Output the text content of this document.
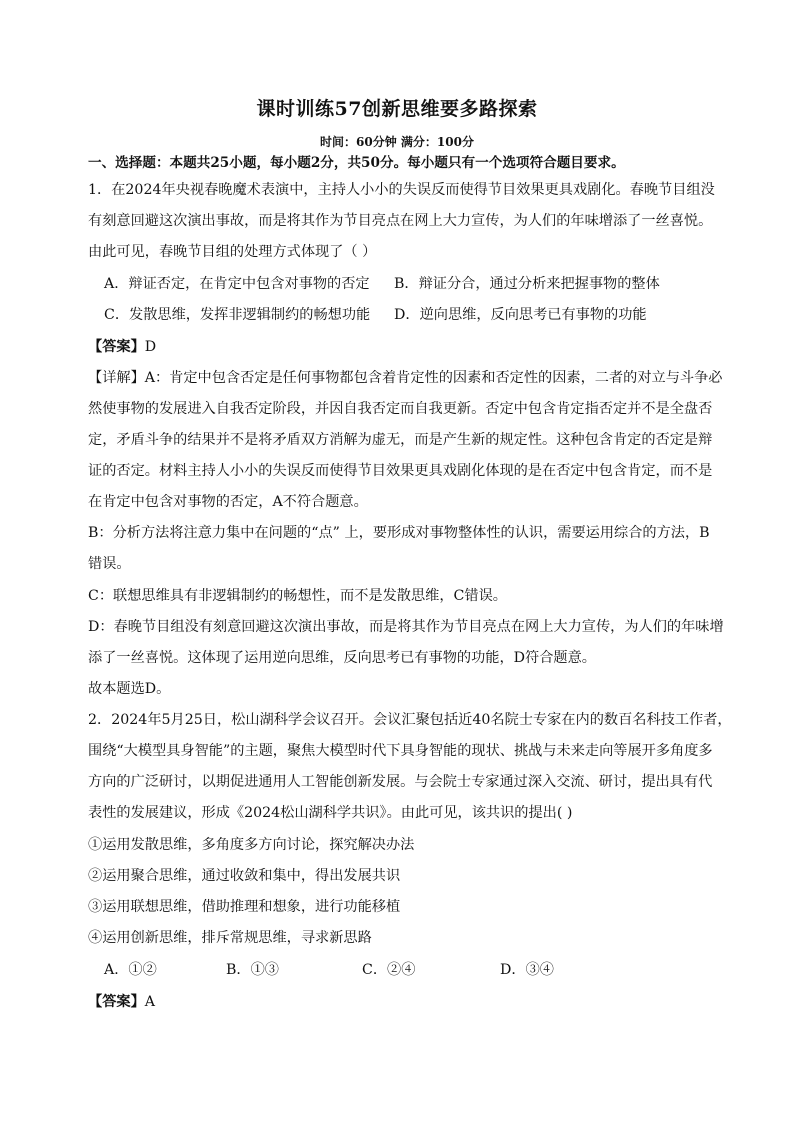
课时训练57创新思维要多路探索
时间：60分钟 满分：100分
一、选择题：本题共25小题，每小题2分，共50分。每小题只有一个选项符合题目要求。
1．在2024年央视春晚魔术表演中，主持人小小的失误反而使得节目效果更具戏剧化。春晚节目组没
有刻意回避这次演出事故，而是将其作为节目亮点在网上大力宣传，为人们的年味增添了一丝喜悦。
由此可见，春晚节目组的处理方式体现了（ ）
A．辩证否定，在肯定中包含对事物的否定 B．辩证分合，通过分析来把握事物的整体
C．发散思维，发挥非逻辑制约的畅想功能 D．逆向思维，反向思考已有事物的功能
【答案】D
【详解】A：肯定中包含否定是任何事物都包含着肯定性的因素和否定性的因素，二者的对立与斗争必
然使事物的发展进入自我否定阶段，并因自我否定而自我更新。否定中包含肯定指否定并不是全盘否
定，矛盾斗争的结果并不是将矛盾双方消解为虚无，而是产生新的规定性。这种包含肯定的否定是辩
证的否定。材料主持人小小的失误反而使得节目效果更具戏剧化体现的是在否定中包含肯定，而不是
在肯定中包含对事物的否定，A不符合题意。
B：分析方法将注意力集中在问题的“点” 上，要形成对事物整体性的认识，需要运用综合的方法，B
错误。
C：联想思维具有非逻辑制约的畅想性，而不是发散思维，C错误。
D：春晚节目组没有刻意回避这次演出事故，而是将其作为节目亮点在网上大力宣传，为人们的年味增
添了一丝喜悦。这体现了运用逆向思维，反向思考已有事物的功能，D符合题意。
故本题选D。
2．2024年5月25日，松山湖科学会议召开。会议汇聚包括近40名院士专家在内的数百名科技工作者，
围绕“大模型具身智能”的主题，聚焦大模型时代下具身智能的现状、挑战与未来走向等展开多角度多
方向的广泛研讨，以期促进通用人工智能创新发展。与会院士专家通过深入交流、研讨，提出具有代
表性的发展建议，形成《2024松山湖科学共识》。由此可见，该共识的提出( )
①运用发散思维，多角度多方向讨论，探究解决办法
②运用聚合思维，通过收敛和集中，得出发展共识
③运用联想思维，借助推理和想象，进行功能移植
④运用创新思维，排斥常规思维，寻求新思路
A．①②	B．①③	C．②④	D．③④
【答案】A
